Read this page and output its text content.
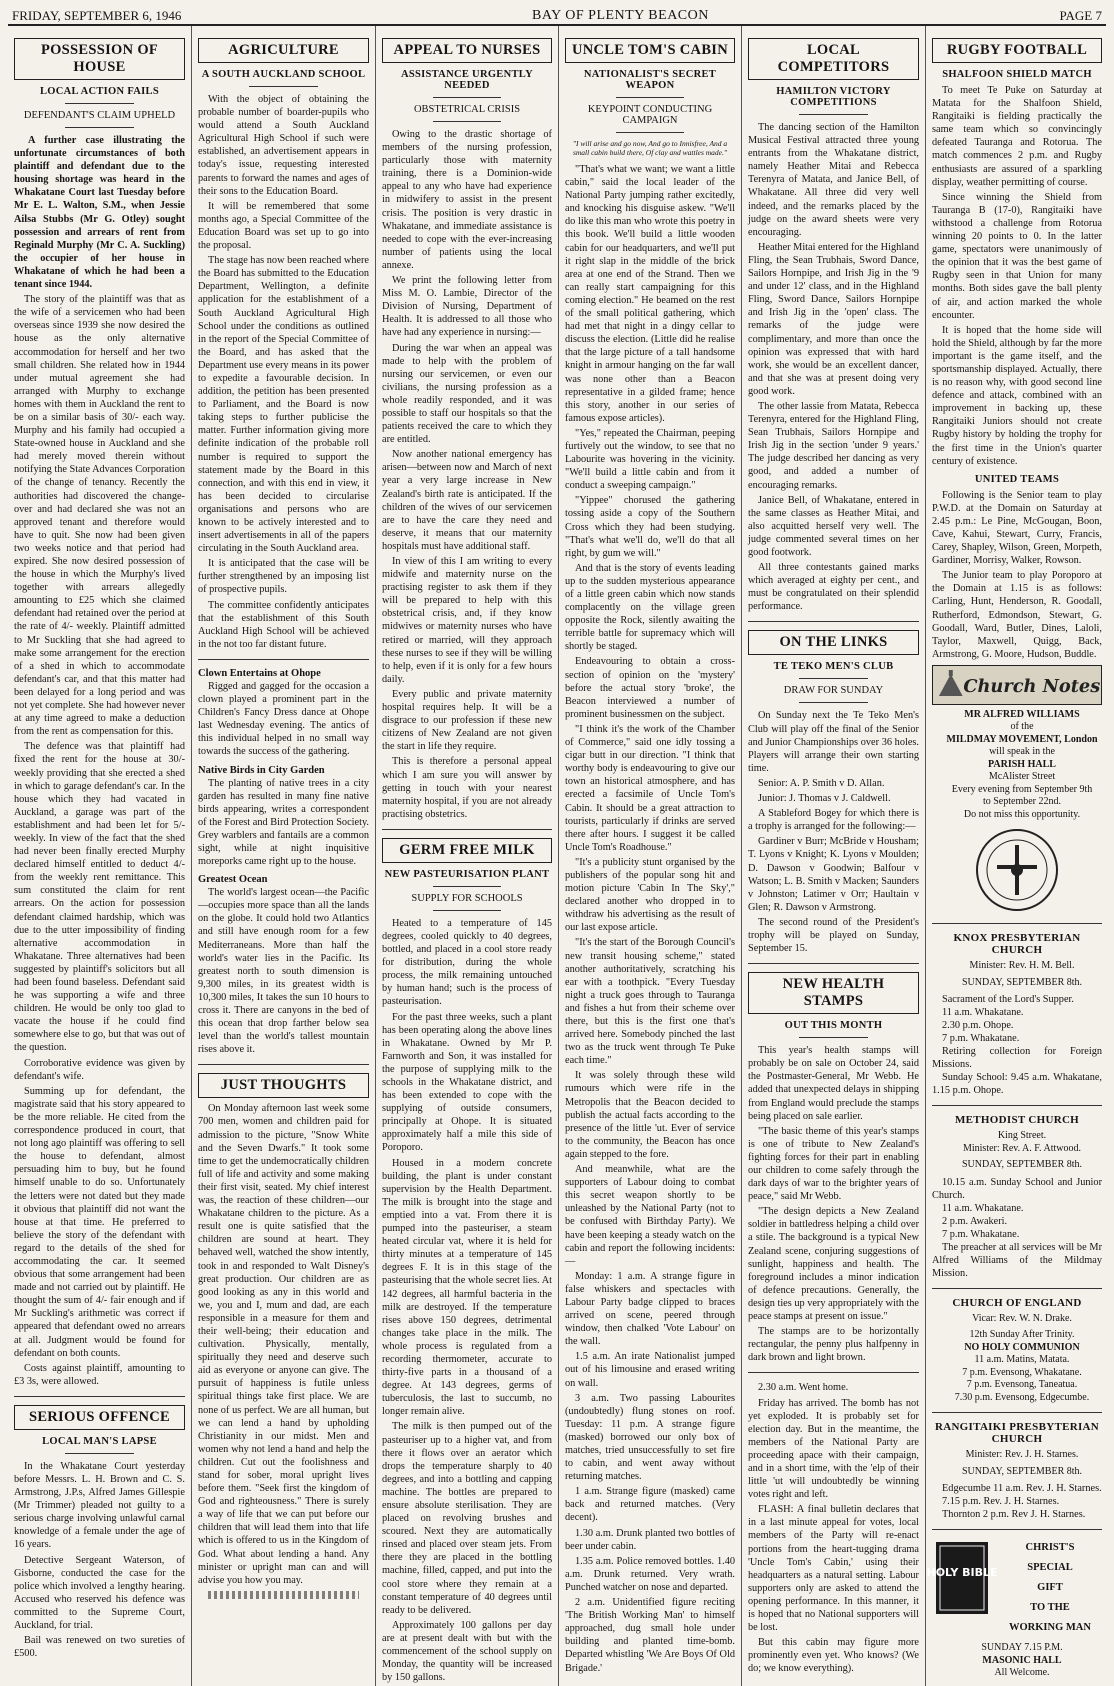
FRIDAY, SEPTEMBER 6, 1946	BAY OF PLENTY BEACON	PAGE 7
POSSESSION OF HOUSE
LOCAL ACTION FAILS
DEFENDANT'S CLAIM UPHELD

A further case illustrating the unfortunate circumstances of both plaintiff and defendant due to the housing shortage was heard in the Whakatane Court last Tuesday before Mr E. L. Walton, S.M., when Jessie Ailsa Stubbs (Mr G. Otley) sought possession and arrears of rent from Reginald Murphy (Mr C. A. Suckling) the occupier of her house in Whakatane of which he had been a tenant since 1944.

The story of the plaintiff was that as the wife of a servicemen who had been overseas since 1939 she now desired the house as the only alternative accommodation for herself and her two small children. She related how in 1944 under mutual agreement she had arranged with Murphy to exchange homes with them in Auckland the rent to be on a similar basis of 30/- each way. Murphy and his family had occupied a State-owned house in Auckland and she had merely moved therein without notifying the State Advances Corporation of the change of tenancy. Recently the authorities had discovered the change-over and had declared she was not an approved tenant and therefore would have to quit. She now had been given two weeks notice and that period had expired. She now desired possession of the house in which the Murphy's lived together with arrears allegedly amounting to £25 which she claimed defendant had retained over the period at the rate of 4/- weekly. Plaintiff admitted to Mr Suckling that she had agreed to make some arrangement for the erection of a shed in which to accommodate defendant's car, and that this matter had been delayed for a long period and was not yet complete. She had however never at any time agreed to make a deduction from the rent as compensation for this.

The defence was that plaintiff had fixed the rent for the house at 30/- weekly providing that she erected a shed in which to garage defendant's car. In the house which they had vacated in Auckland, a garage was part of the establishment and had been let for 5/- weekly. In view of the fact that the shed had never been finally erected Murphy declared himself entitled to deduct 4/- from the weekly rent remittance. This sum constituted the claim for rent arrears. On the action for possession defendant claimed hardship, which was due to the utter impossibility of finding alternative accommodation in Whakatane. Three alternatives had been suggested by plaintiff's solicitors but all had been found baseless. Defendant said he was supporting a wife and three children. He would be only too glad to vacate the house if he could find somewhere else to go, but that was out of the question.

Corroborative evidence was given by defendant's wife.

Summing up for defendant, the magistrate said that his story appeared to be the more reliable. He cited from the correspondence produced in court, that not long ago plaintiff was offering to sell the house to defendant, almost persuading him to buy, but he found himself unable to do so. Unfortunately the letters were not dated but they made it obvious that plaintiff did not want the house at that time. He preferred to believe the story of the defendant with regard to the details of the shed for accommodating the car. It seemed obvious that some arrangement had been made and not carried out by plaintiff. He thought the sum of 4/- fair enough and if Mr Suckling's arithmetic was correct if appeared that defendant owed no arrears at all. Judgment would be found for defendant on both counts.

Costs against plaintiff, amounting to £3 3s, were allowed.

SERIOUS OFFENCE
LOCAL MAN'S LAPSE

In the Whakatane Court yesterday before Messrs. L. H. Brown and C. S. Armstrong, J.P.s, Alfred James Gillespie (Mr Trimmer) pleaded not guilty to a serious charge involving unlawful carnal knowledge of a female under the age of 16 years.

Detective Sergeant Waterson, of Gisborne, conducted the case for the police which involved a lengthy hearing. Accused who reserved his defence was committed to the Supreme Court, Auckland, for trial.

Bail was renewed on two sureties of £500.

AGRICULTURE
A SOUTH AUCKLAND SCHOOL

With the object of obtaining the probable number of boarder-pupils who would attend a South Auckland Agricultural High School if such were established, an advertisement appears in today's issue, requesting interested parents to forward the names and ages of their sons to the Education Board.

It will be remembered that some months ago, a Special Committee of the Education Board was set up to go into the proposal.

The stage has now been reached where the Board has submitted to the Education Department, Wellington, a definite application for the establishment of a South Auckland Agricultural High School under the conditions as outlined in the report of the Special Committee of the Board, and has asked that the Department use every means in its power to expedite a favourable decision. In addition, the petition has been presented to Parliament, and the Board is now taking steps to further publicise the matter. Further information giving more definite indication of the probable roll number is required to support the statement made by the Board in this connection, and with this end in view, it has been decided to circularise organisations and persons who are known to be actively interested and to insert advertisements in all of the papers circulating in the South Auckland area.

It is anticipated that the case will be further strengthened by an imposing list of prospective pupils.

The committee confidently anticipates that the establishment of this South Auckland High School will be achieved in the not too far distant future.

Clown Entertains at Ohope

Rigged and gagged for the occasion a clown played a prominent part in the Children's Fancy Dress dance at Ohope last Wednesday evening. The antics of this individual helped in no small way towards the success of the gathering.

Native Birds in City Garden

The planting of native trees in a city garden has resulted in many fine native birds appearing, writes a correspondent of the Forest and Bird Protection Society. Grey warblers and fantails are a common sight, while at night inquisitive moreporks came right up to the house.

Greatest Ocean

The world's largest ocean—the Pacific—occupies more space than all the lands on the globe. It could hold two Atlantics and still have enough room for a few Mediterraneans. More than half the world's water lies in the Pacific. Its greatest north to south dimension is 9,300 miles, in its greatest width is 10,300 miles, It takes the sun 10 hours to cross it. There are canyons in the bed of this ocean that drop farther below sea level than the world's tallest mountain rises above it.

JUST THOUGHTS

On Monday afternoon last week some 700 men, women and children paid for admission to the picture, "Snow White and the Seven Dwarfs." It took some time to get the undemocratically children full of life and activity and some making their first visit, seated. My chief interest was, the reaction of these children—our Whakatane children to the picture. As a result one is quite satisfied that the children are sound at heart. They behaved well, watched the show intently, took in and responded to Walt Disney's great production. Our children are as good looking as any in this world and we, you and I, mum and dad, are each responsible in a measure for them and their well-being; their education and cultivation. Physically, mentally, spiritually they need and deserve such aid as everyone or anyone can give. The pursuit of happiness is futile unless spiritual things take first place. We are none of us perfect. We are all human, but we can lend a hand by upholding Christianity in our midst. Men and women why not lend a hand and help the children. Cut out the foolishness and stand for sober, moral upright lives before them. "Seek first the kingdom of God and righteousness." There is surely a way of life that we can put before our children that will lead them into that life which is offered to us in the Kingdom of God. What about lending a hand. Any minister or upright man can and will advise you how you may.

APPEAL TO NURSES
ASSISTANCE URGENTLY NEEDED
OBSTETRICAL CRISIS

Owing to the drastic shortage of members of the nursing profession, particularly those with maternity training, there is a Dominion-wide appeal to any who have had experience in midwifery to assist in the present crisis. The position is very drastic in Whakatane, and immediate assistance is needed to cope with the ever-increasing number of patients using the local annexe.

We print the following letter from Miss M. O. Lambie, Director of the Division of Nursing, Department of Health. It is addressed to all those who have had any experience in nursing:—

During the war when an appeal was made to help with the problem of nursing our servicemen, or even our civilians, the nursing profession as a whole readily responded, and it was possible to staff our hospitals so that the patients received the care to which they are entitled.

Now another national emergency has arisen—between now and March of next year a very large increase in New Zealand's birth rate is anticipated. If the children of the wives of our servicemen are to have the care they need and deserve, it means that our maternity hospitals must have additional staff.

In view of this I am writing to every midwife and maternity nurse on the practising register to ask them if they will be prepared to help with this obstetrical crisis, and, if they know midwives or maternity nurses who have retired or married, will they approach these nurses to see if they will be willing to help, even if it is only for a few hours daily.

Every public and private maternity hospital requires help. It will be a disgrace to our profession if these new citizens of New Zealand are not given the start in life they require.

This is therefore a personal appeal which I am sure you will answer by getting in touch with your nearest maternity hospital, if you are not already practising obstetrics.

GERM FREE MILK
NEW PASTEURISATION PLANT
SUPPLY FOR SCHOOLS

Heated to a temperature of 145 degrees, cooled quickly to 40 degrees, bottled, and placed in a cool store ready for distribution, during the whole process, the milk remaining untouched by human hand; such is the process of pasteurisation.

For the past three weeks, such a plant has been operating along the above lines in Whakatane. Owned by Mr P. Farnworth and Son, it was installed for the purpose of supplying milk to the schools in the Whakatane district, and has been extended to cope with the supplying of outside consumers, principally at Ohope. It is situated approximately half a mile this side of Poroporo.

Housed in a modern concrete building, the plant is under constant supervision by the Health Department. The milk is brought into the stage and emptied into a vat. From there it is pumped into the pasteuriser, a steam heated circular vat, where it is held for thirty minutes at a temperature of 145 degrees F. It is in this stage of the pasteurising that the whole secret lies. At 142 degrees, all harmful bacteria in the milk are destroyed. If the temperature rises above 150 degrees, detrimental changes take place in the milk. The whole process is regulated from a recording thermometer, accurate to thirty-five parts in a thousand of a degree. At 143 degrees, germs of tuberculosis, the last to succumb, no longer remain alive.

The milk is then pumped out of the pasteuriser up to a higher vat, and from there it flows over an aerator which drops the temperature sharply to 40 degrees, and into a bottling and capping machine. The bottles are prepared to ensure absolute sterilisation. They are placed on revolving brushes and scoured. Next they are automatically rinsed and placed over steam jets. From there they are placed in the bottling machine, filled, capped, and put into the cool store where they remain at a constant temperature of 40 degrees until ready to be delivered.

Approximately 100 gallons per day are at present dealt with but with the commencement of the school supply on Monday, the quantity will be increased by 150 gallons.

UNCLE TOM'S CABIN
NATIONALIST'S SECRET WEAPON
KEYPOINT CONDUCTING CAMPAIGN
"I will arise and go now, And go to Innisfree, And a small cabin build there, Of clay and wattles made."

"That's what we want; we want a little cabin," said the local leader of the National Party jumping rather excitedly, and knocking his disguise askew. "We'll do like this man who wrote this poetry in this book. We'll build a little wooden cabin for our headquarters, and we'll put it right slap in the middle of the brick area at one end of the Strand. Then we can really start campaigning for this coming election." He beamed on the rest of the small political gathering, which had met that night in a dingy cellar to discuss the election. (Little did he realise that the large picture of a tall handsome knight in armour hanging on the far wall was none other than a Beacon representative in a gilded frame; hence this story, another in our series of famous expose articles).

"Yes," repeated the Chairman, peeping furtively out the window, to see that no Labourite was hovering in the vicinity. "We'll build a little cabin and from it conduct a sweeping campaign."

"Yippee" chorused the gathering tossing aside a copy of the Southern Cross which they had been studying. "That's what we'll do, we'll do that all right, by gum we will."

And that is the story of events leading up to the sudden mysterious appearance of a little green cabin which now stands complacently on the village green opposite the Rock, silently awaiting the terrible battle for supremacy which will shortly be staged.

Endeavouring to obtain a cross-section of opinion on the 'mystery' before the actual story 'broke', the Beacon interviewed a number of prominent businessmen on the subject.

"I think it's the work of the Chamber of Commerce," said one idly tossing a cigar butt in our direction. "I think that worthy body is endeavouring to give our town an historical atmosphere, and has erected a facsimile of Uncle Tom's Cabin. It should be a great attraction to tourists, particularly if drinks are served there after hours. I suggest it be called Uncle Tom's Roadhouse."

"It's a publicity stunt organised by the publishers of the popular song hit and motion picture 'Cabin In The Sky'," declared another who dropped in to withdraw his advertising as the result of our last expose article.

"It's the start of the Borough Council's new transit housing scheme," stated another authoritatively, scratching his ear with a toothpick. "Every Tuesday night a truck goes through to Tauranga and fishes a hut from their scheme over there, but this is the first one that's arrived here. Somebody pinched the last two as the truck went through Te Puke each time."

It was solely through these wild rumours which were rife in the Metropolis that the Beacon decided to publish the actual facts according to the presence of the little 'ut. Ever of service to the community, the Beacon has once again stepped to the fore.

And meanwhile, what are the supporters of Labour doing to combat this secret weapon shortly to be unleashed by the National Party (not to be confused with Birthday Party). We have been keeping a steady watch on the cabin and report the following incidents:—

Monday: 1 a.m. A strange figure in false whiskers and spectacles with Labour Party badge clipped to braces arrived on scene, peered through window, then chalked 'Vote Labour' on the wall.

1.5 a.m. An irate Nationalist jumped out of his limousine and erased writing on wall.

3 a.m. Two passing Labourites (undoubtedly) flung stones on roof. Tuesday: 11 p.m. A strange figure (masked) borrowed our only box of matches, tried unsuccessfully to set fire to cabin, and went away without returning matches.

1 a.m. Strange figure (masked) came back and returned matches. (Very decent).

1.30 a.m. Drunk planted two bottles of beer under cabin.

1.35 a.m. Police removed bottles. 1.40 a.m. Drunk returned. Very wrath. Punched watcher on nose and departed.

2 a.m. Unidentified figure reciting 'The British Working Man' to himself approached, dug small hole under building and planted time-bomb. Departed whistling 'We Are Boys Of Old Brigade.'

LOCAL COMPETITORS
HAMILTON VICTORY COMPETITIONS

The dancing section of the Hamilton Musical Festival attracted three young entrants from the Whakatane district, namely Heather Mitai and Rebecca Terenyra of Matata, and Janice Bell, of Whakatane. All three did very well indeed, and the remarks placed by the judge on the award sheets were very encouraging.

Heather Mitai entered for the Highland Fling, the Sean Trubhais, Sword Dance, Sailors Hornpipe, and Irish Jig in the '9 and under 12' class, and in the Highland Fling, Sword Dance, Sailors Hornpipe and Irish Jig in the 'open' class. The remarks of the judge were complimentary, and more than once the opinion was expressed that with hard work, she would be an excellent dancer, and that she was at present doing very good work.

The other lassie from Matata, Rebecca Terenyra, entered for the Highland Fling, Sean Trubhais, Sailors Hornpipe and Irish Jig in the section 'under 9 years.' The judge described her dancing as very good, and added a number of encouraging remarks.

Janice Bell, of Whakatane, entered in the same classes as Heather Mitai, and also acquitted herself very well. The judge commented several times on her good footwork.

All three contestants gained marks which averaged at eighty per cent., and must be congratulated on their splendid performance.

ON THE LINKS
TE TEKO MEN'S CLUB
DRAW FOR SUNDAY

On Sunday next the Te Teko Men's Club will play off the final of the Senior and Junior Championships over 36 holes. Players will arrange their own starting time.

Senior: A. P. Smith v D. Allan.

Junior: J. Thomas v J. Caldwell.

A Stableford Bogey for which there is a trophy is arranged for the following:—

Gardiner v Burr; McBride v Housham; T. Lyons v Knight; K. Lyons v Moulden; D. Dawson v Goodwin; Balfour v Watson; L. B. Smith v Macken; Saunders v Johnston; Latimer v Orr; Haultain v Glen; R. Dawson v Armstrong.

The second round of the President's trophy will be played on Sunday, September 15.

NEW HEALTH STAMPS
OUT THIS MONTH

This year's health stamps will probably be on sale on October 24, said the Postmaster-General, Mr Webb. He added that unexpected delays in shipping from England would preclude the stamps being placed on sale earlier.

"The basic theme of this year's stamps is one of tribute to New Zealand's fighting forces for their part in enabling our children to come safely through the dark days of war to the brighter years of peace," said Mr Webb.

"The design depicts a New Zealand soldier in battledress helping a child over a stile. The background is a typical New Zealand scene, conjuring suggestions of sunlight, happiness and health. The foreground includes a minor indication of defence precautions. Generally, the design ties up very appropriately with the peace stamps at present on issue."

The stamps are to be horizontally rectangular, the penny plus halfpenny in dark brown and light brown.

2.30 a.m. Went home.

Friday has arrived. The bomb has not yet exploded. It is probably set for election day. But in the meantime, the members of the National Party are proceeding apace with their campaign, and in a short time, with the 'elp of their little 'ut will undoubtedly be winning votes right and left.

FLASH: A final bulletin declares that in a last minute appeal for votes, local members of the Party will re-enact portions from the heart-tugging drama 'Uncle Tom's Cabin,' using their headquarters as a natural setting. Labour supporters only are asked to attend the opening performance. In this manner, it is hoped that no National supporters will be lost.

But this cabin may figure more prominently even yet. Who knows? (We do; we know everything).

RUGBY FOOTBALL
SHALFOON SHIELD MATCH

To meet Te Puke on Saturday at Matata for the Shalfoon Shield, Rangitaiki is fielding practically the same team which so convincingly defeated Tauranga and Rotorua. The match commences 2 p.m. and Rugby enthusiasts are assured of a sparkling display, weather permitting of course.

Since winning the Shield from Tauranga B (17-0), Rangitaiki have withstood a challenge from Rotorua winning 20 points to 0. In the latter game, spectators were unanimously of the opinion that it was the best game of Rugby seen in that Union for many months. Both sides gave the ball plenty of air, and action marked the whole encounter.

It is hoped that the home side will hold the Shield, although by far the more important is the game itself, and the sportsmanship displayed. Actually, there is no reason why, with good second line defence and attack, combined with an improvement in backing up, these Rangitaiki Juniors should not create Rugby history by holding the trophy for the first time in the Union's quarter century of existence.

UNITED TEAMS

Following is the Senior team to play P.W.D. at the Domain on Saturday at 2.45 p.m.: Le Pine, McGougan, Boon, Cave, Kahui, Stewart, Curry, Francis, Carey, Shapley, Wilson, Green, Morpeth, Gardiner, Morrisy, Walker, Rowson.

The Junior team to play Poroporo at the Domain at 1.15 is as follows: Carling, Hunt, Henderson, R. Goodall, Rutherford, Edmondson, Stewart, G. Goodall, Ward, Butler, Dines, Laloli, Taylor, Maxwell, Quigg, Back, Armstrong, G. Moore, Hudson, Buddle.

Church Notes

MR ALFRED WILLIAMS

of the

MILDMAY MOVEMENT, London

will speak in the

PARISH HALL

McAlister Street

Every evening from September 9th

to September 22nd.

Do not miss this opportunity.

KNOX PRESBYTERIAN CHURCH

Minister: Rev. H. M. Bell.

SUNDAY, SEPTEMBER 8th.

Sacrament of the Lord's Supper.

11 a.m. Whakatane.

2.30 p.m. Ohope.

7 p.m. Whakatane.

Retiring collection for Foreign Missions.

Sunday School: 9.45 a.m. Whakatane, 1.15 p.m. Ohope.

METHODIST CHURCH

King Street.

Minister: Rev. A. F. Attwood.

SUNDAY, SEPTEMBER 8th.

10.15 a.m. Sunday School and Junior Church.

11 a.m. Whakatane.

2 p.m. Awakeri.

7 p.m. Whakatane.

The preacher at all services will be Mr Alfred Williams of the Mildmay Mission.

CHURCH OF ENGLAND

Vicar: Rev. W. N. Drake.

12th Sunday After Trinity.

NO HOLY COMMUNION

11 a.m. Matins, Matata.

7 p.m. Evensong, Whakatane.

7 p.m. Evensong, Taneatua.

7.30 p.m. Evensong, Edgecumbe.

RANGITAIKI PRESBYTERIAN CHURCH

Minister: Rev. J. H. Starnes.

SUNDAY, SEPTEMBER 8th.

Edgecumbe 11 a.m. Rev. J. H. Starnes.

7.15 p.m. Rev. J. H. Starnes.

Thornton 2 p.m. Rev J. H. Starnes.

HOLY BIBLE
CHRIST'S
SPECIAL
GIFT
TO THE
WORKING MAN

SUNDAY 7.15 P.M.

MASONIC HALL

All Welcome.
